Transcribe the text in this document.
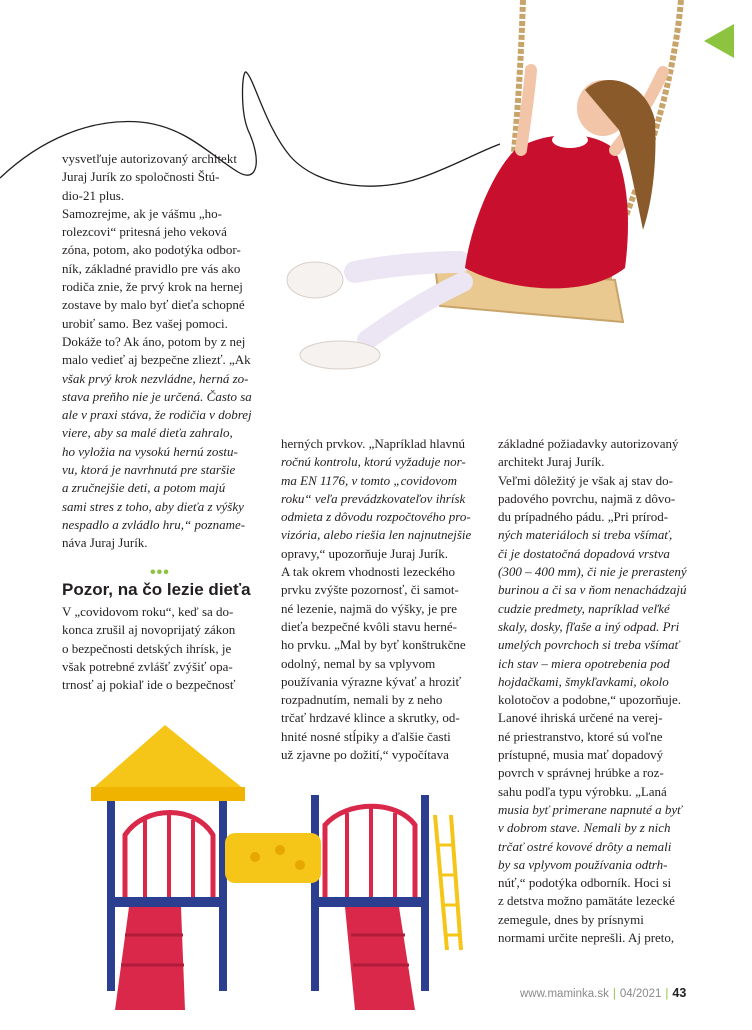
vysvetľuje autorizovaný architekt

Juraj Jurík zo spoločnosti Štú-

dio-21 plus.

Samozrejme, ak je vášmu „ho-

rolezcovi“ pritesná jeho veková

zóna, potom, ako podotýka odbor-

ník, základné pravidlo pre vás ako

rodiča znie, že prvý krok na hernej

zostave by malo byť dieťa schopné

urobiť samo. Bez vašej pomoci.

Dokáže to? Ak áno, potom by z nej

malo vedieť aj bezpečne zliezť. „Ak

však prvý krok nezvládne, herná zo-

stava preňho nie je určená. Často sa

ale v praxi stáva, že rodičia v dobrej

viere, aby sa malé dieťa zahralo,

ho vyložia na vysokú hernú zostu-

vu, ktorá je navrhnutá pre staršie

a zručnejšie deti, a potom majú

sami stres z toho, aby dieťa z výšky

nespadlo a zvládlo hru,“ poznamе-

náva Juraj Jurík.

•••
Pozor, na čo lezie dieťa

V „covidovom roku“, keď sa do-

konca zrušil aj novoprijatý zákon

o bezpečnosti detských ihrísk, je

však potrebné zvlášť zvýšiť opa-

trnosť aj pokiaľ ide o bezpečnosť

herných prvkov. „Napríklad hlavnú

ročnú kontrolu, ktorú vyžaduje nor-

ma EN 1176, v tomto „covidovom

roku“ veľa prevádzkovateľov ihrísk

odmieta z dôvodu rozpočtového pro-

vizória, alebo riešia len najnutnejšie

opravy,“ upozorňuje Juraj Jurík.

A tak okrem vhodnosti lezeckého

prvku zvýšte pozornosť, či samot-

né lezenie, najmä do výšky, je pre

dieťa bezpečné kvôli stavu herné-

ho prvku. „Mal by byť konštrukčne

odolný, nemal by sa vplyvom

používania výrazne kývať a hroziť

rozpadnutím, nemali by z neho

trčať hrdzavé klince a skrutky, od-

hnité nosné stĺpiky a ďalšie časti

už zjavne po dožití,“ vypočítava

základné požiadavky autorizovaný

architekt Juraj Jurík.

Veľmi dôležitý je však aj stav do-

padového povrchu, najmä z dôvo-

du prípadného pádu. „Pri prírod-

ných materiáloch si treba všímať,

či je dostatočná dopadová vrstva

(300 – 400 mm), či nie je prerastený

burinou a či sa v ňom nenachádzajú

cudzie predmety, napríklad veľké

skaly, dosky, fľaše a iný odpad. Pri

umelých povrchoch si treba všímať

ich stav – miera opotrebenia pod

hojdačkami, šmykľavkami, okolo

kolotočov a podobne,“ upozorňuje.

Lanové ihriská určené na verej-

né priestranstvo, ktoré sú voľne

prístupné, musia mať dopadový

povrch v správnej hrúbke a roz-

sahu podľa typu výrobku. „Laná

musia byť primerane napnuté a byť

v dobrom stave. Nemali by z nich

trčať ostré kovové drôty a nemali

by sa vplyvom používania odtrh-

núť,“ podotýka odborník. Hoci si

z detstva možno pamätáte lezecké

zemegule, dnes by prísnymi

normami určite neprešli. Aj preto,

www.maminka.sk | 04/2021 | 43
